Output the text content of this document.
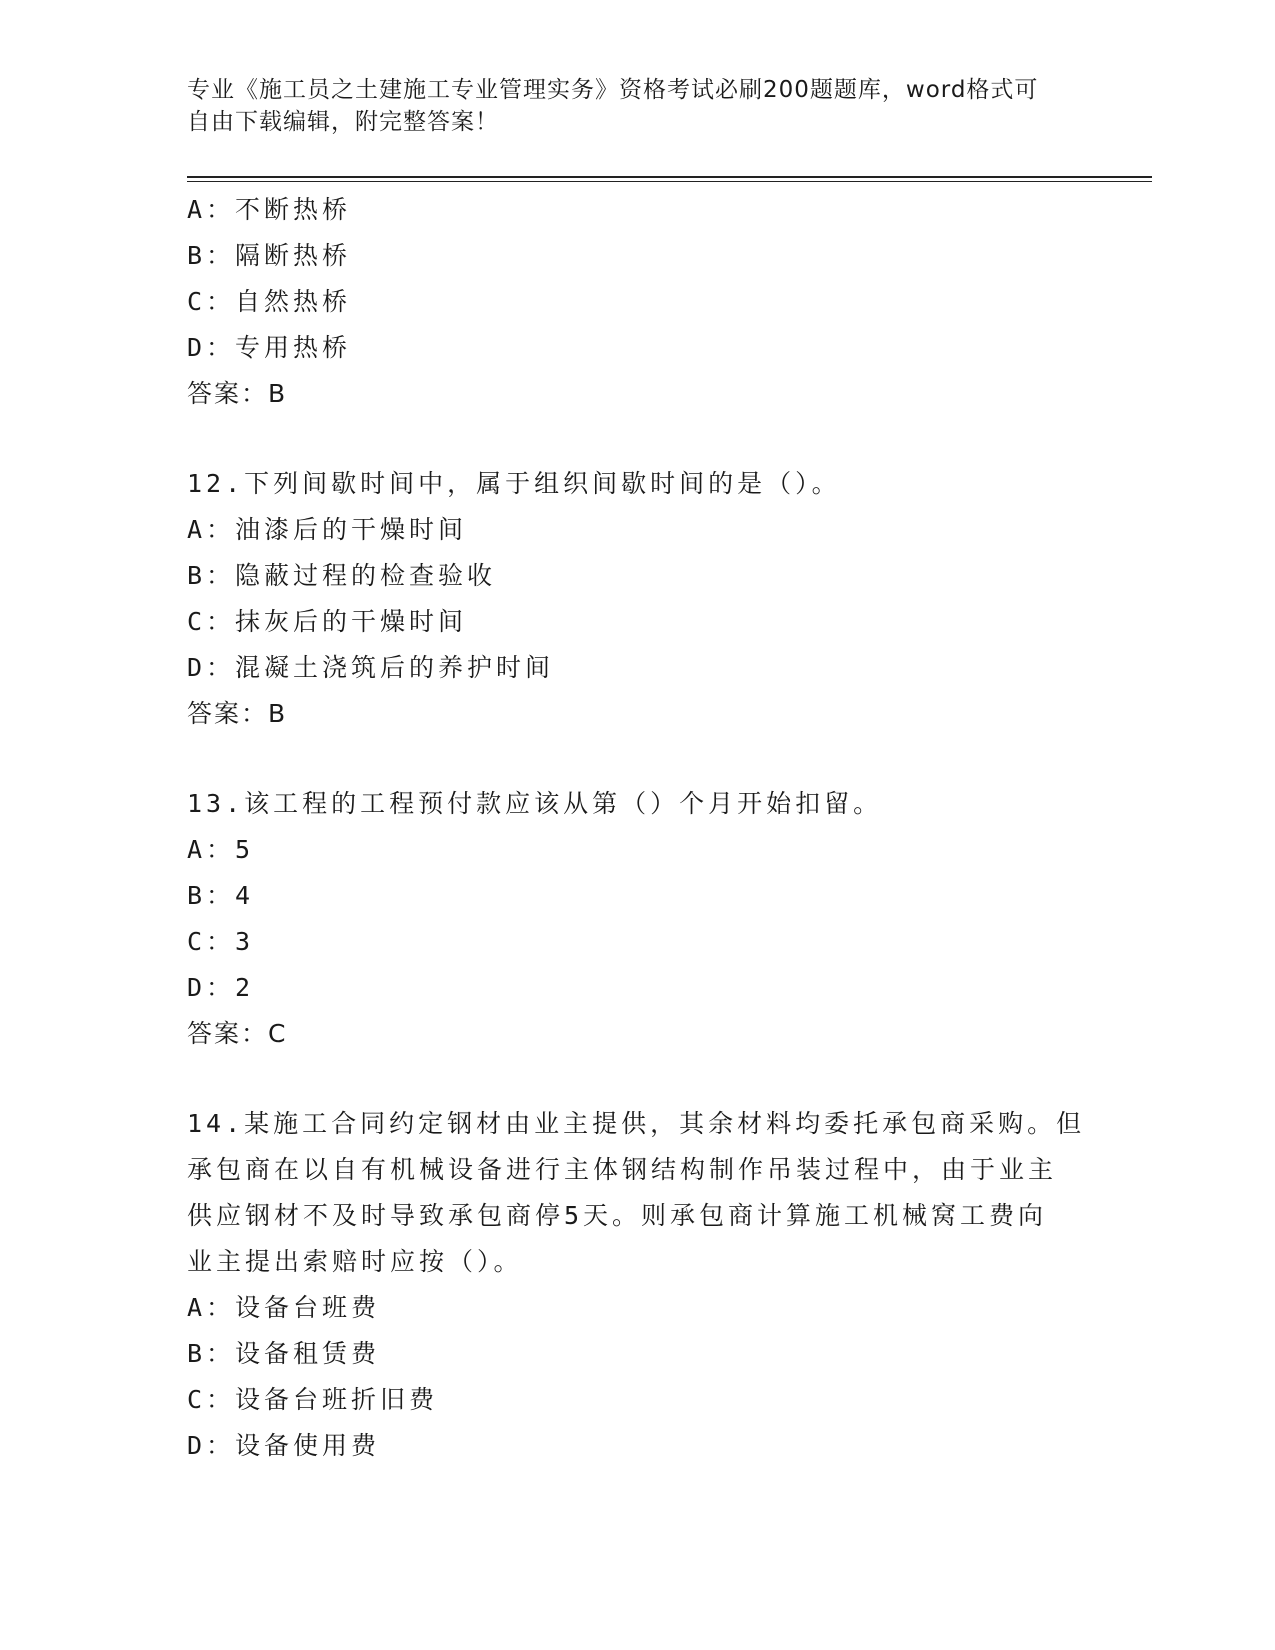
专业《施工员之土建施工专业管理实务》资格考试必刷200题题库，word格式可
自由下载编辑，附完整答案！
A：不断热桥
B：隔断热桥
C：自然热桥
D：专用热桥
答案：B
12.下列间歇时间中，属于组织间歇时间的是（）。
A：油漆后的干燥时间
B：隐蔽过程的检查验收
C：抹灰后的干燥时间
D：混凝土浇筑后的养护时间
答案：B
13.该工程的工程预付款应该从第（）个月开始扣留。
A：5
B：4
C：3
D：2
答案：C
14.某施工合同约定钢材由业主提供，其余材料均委托承包商采购。但
承包商在以自有机械设备进行主体钢结构制作吊装过程中，由于业主
供应钢材不及时导致承包商停5天。则承包商计算施工机械窝工费向
业主提出索赔时应按（）。
A：设备台班费
B：设备租赁费
C：设备台班折旧费
D：设备使用费
